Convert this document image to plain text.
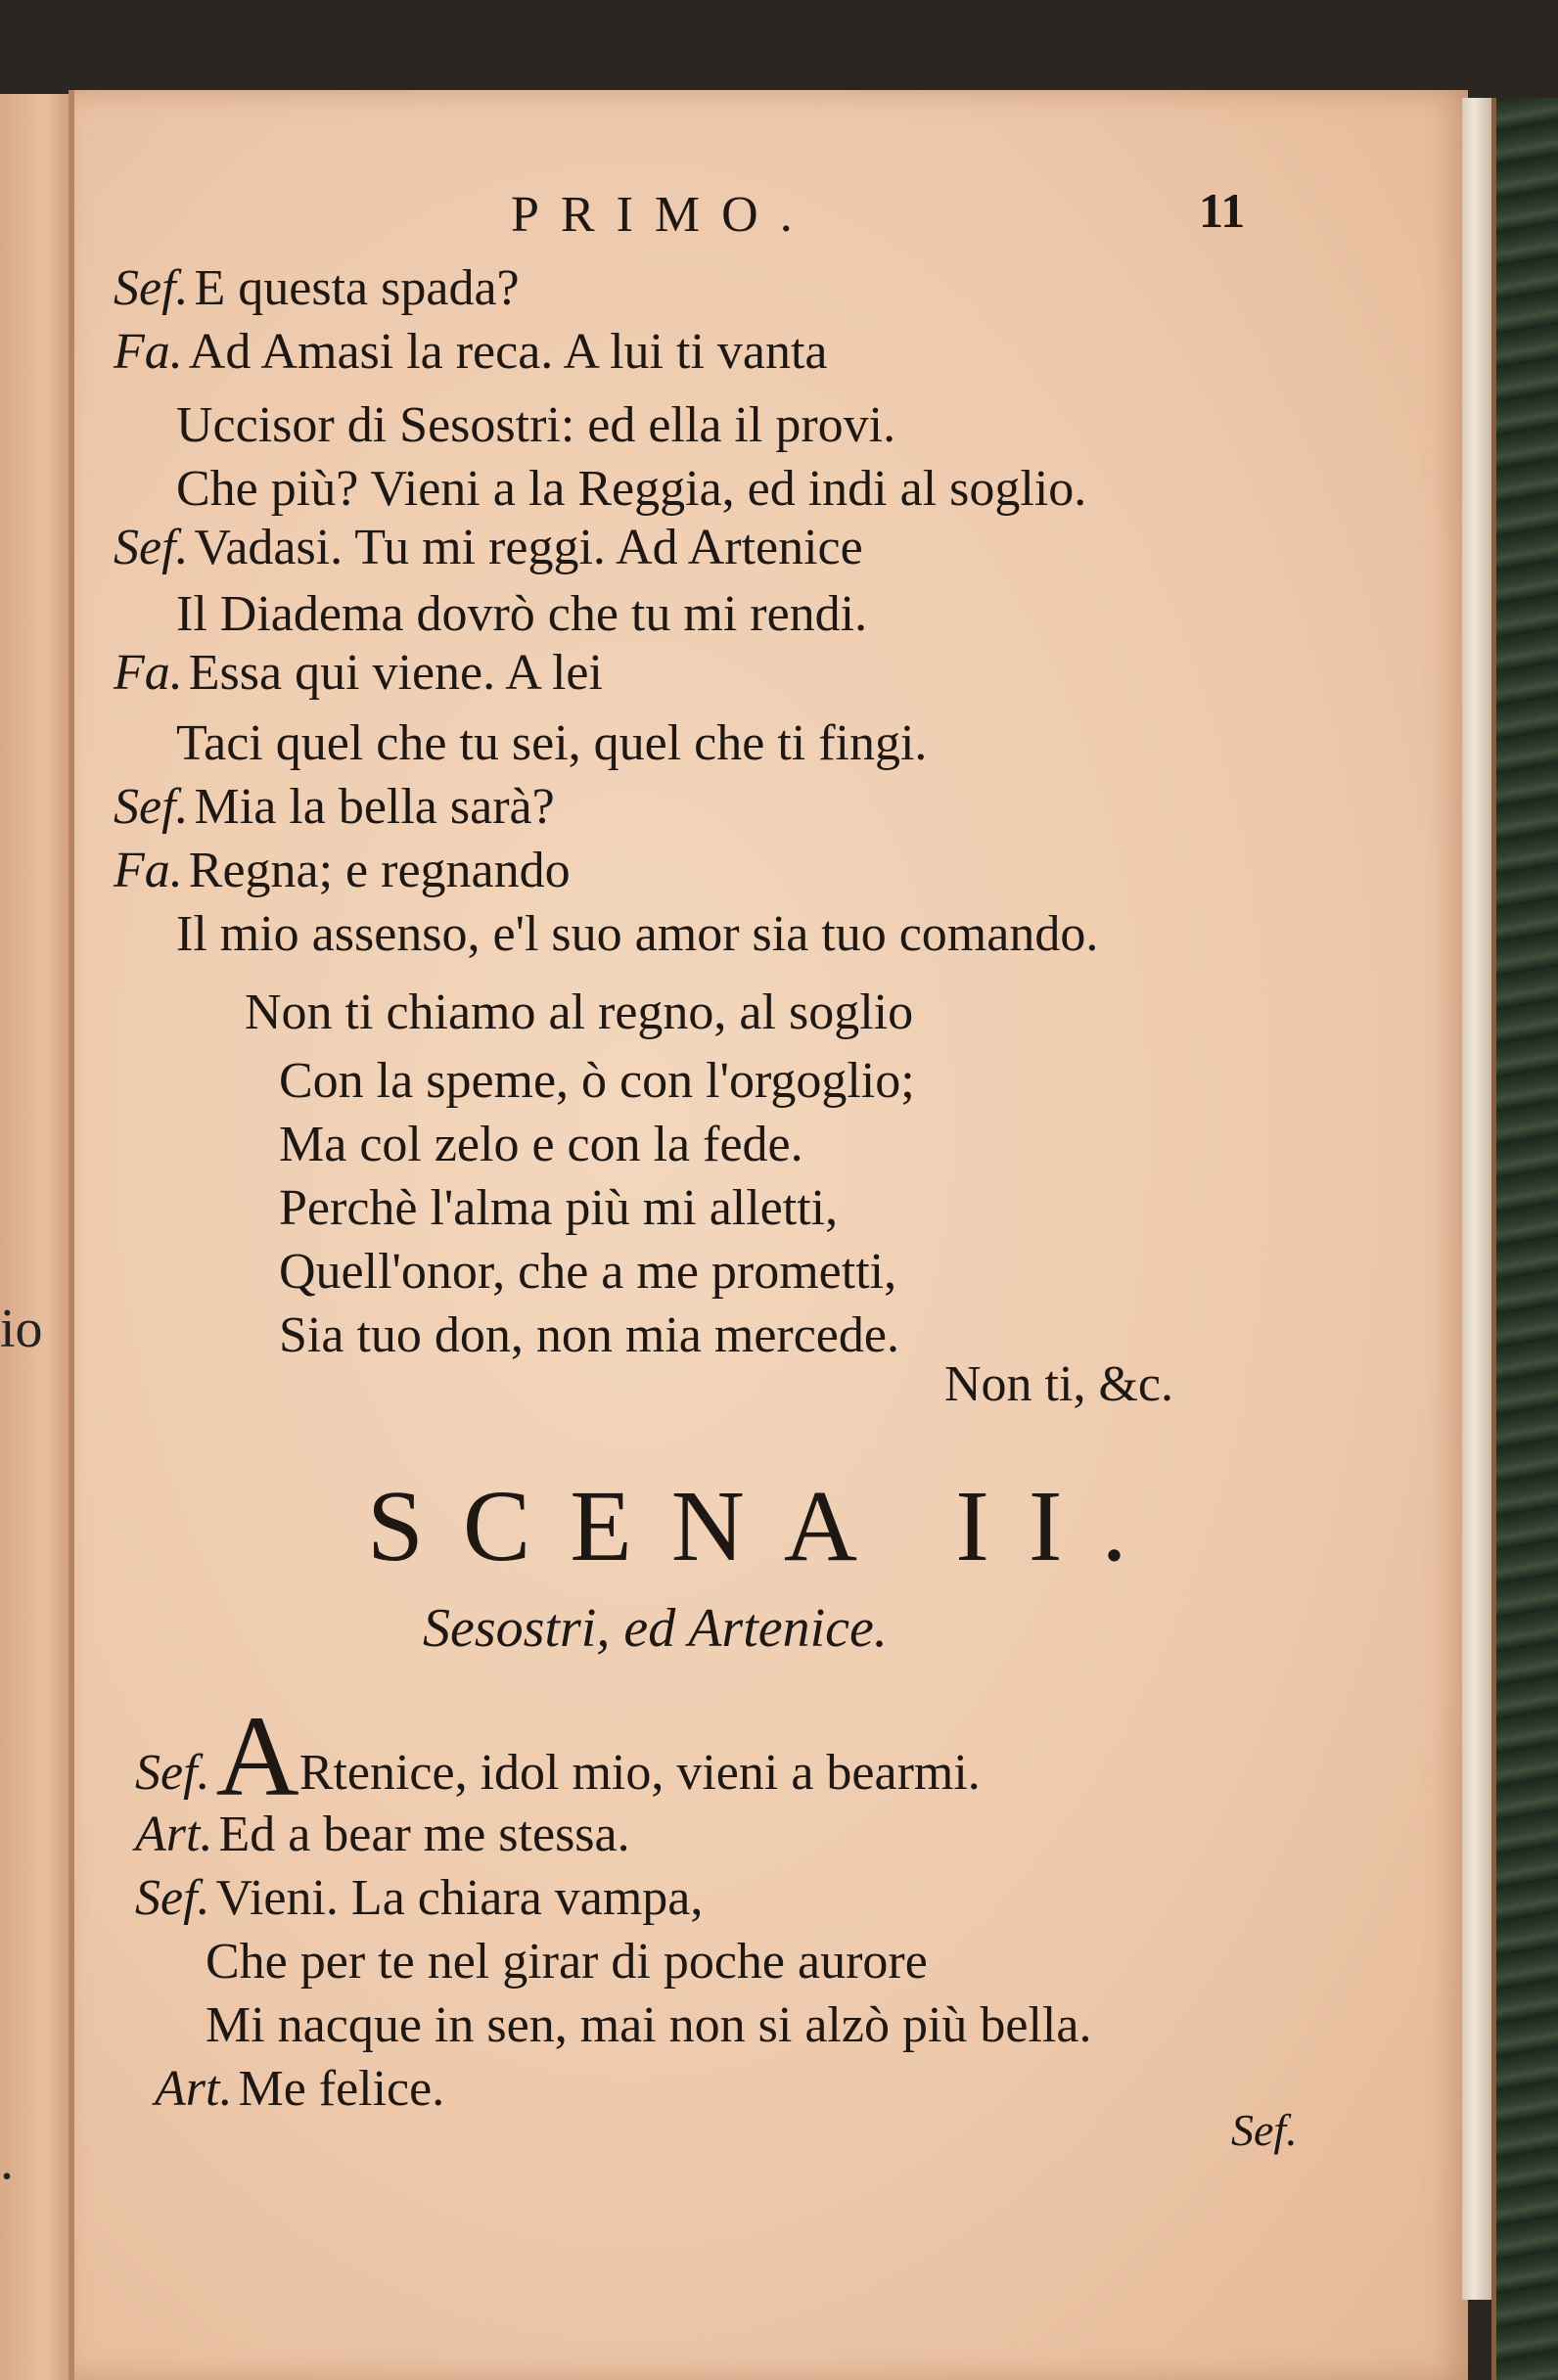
io
.
PRIMO.	11
Sef. E questa spada?
Fa. Ad Amasi la reca. A lui ti vanta
Uccisor di Sesostri: ed ella il provi.
Che più? Vieni a la Reggia, ed indi al soglio.
Sef. Vadasi. Tu mi reggi. Ad Artenice
Il Diadema dovrò che tu mi rendi.
Fa. Essa qui viene. A lei
Taci quel che tu sei, quel che ti fingi.
Sef. Mia la bella sarà?
Fa. Regna; e regnando
Il mio assenso, e'l suo amor sia tuo comando.
Non ti chiamo al regno, al soglio
Con la speme, ò con l'orgoglio;
Ma col zelo e con la fede.
Perchè l'alma più mi alletti,
Quell'onor, che a me prometti,
Sia tuo don, non mia mercede.
Non ti, &c.
SCENA II.
Sesostri, ed Artenice.
Sef.ARtenice, idol mio, vieni a bearmi.
Art. Ed a bear me stessa.
Sef. Vieni. La chiara vampa,
Che per te nel girar di poche aurore
Mi nacque in sen, mai non si alzò più bella.
Art. Me felice.
Sef.
